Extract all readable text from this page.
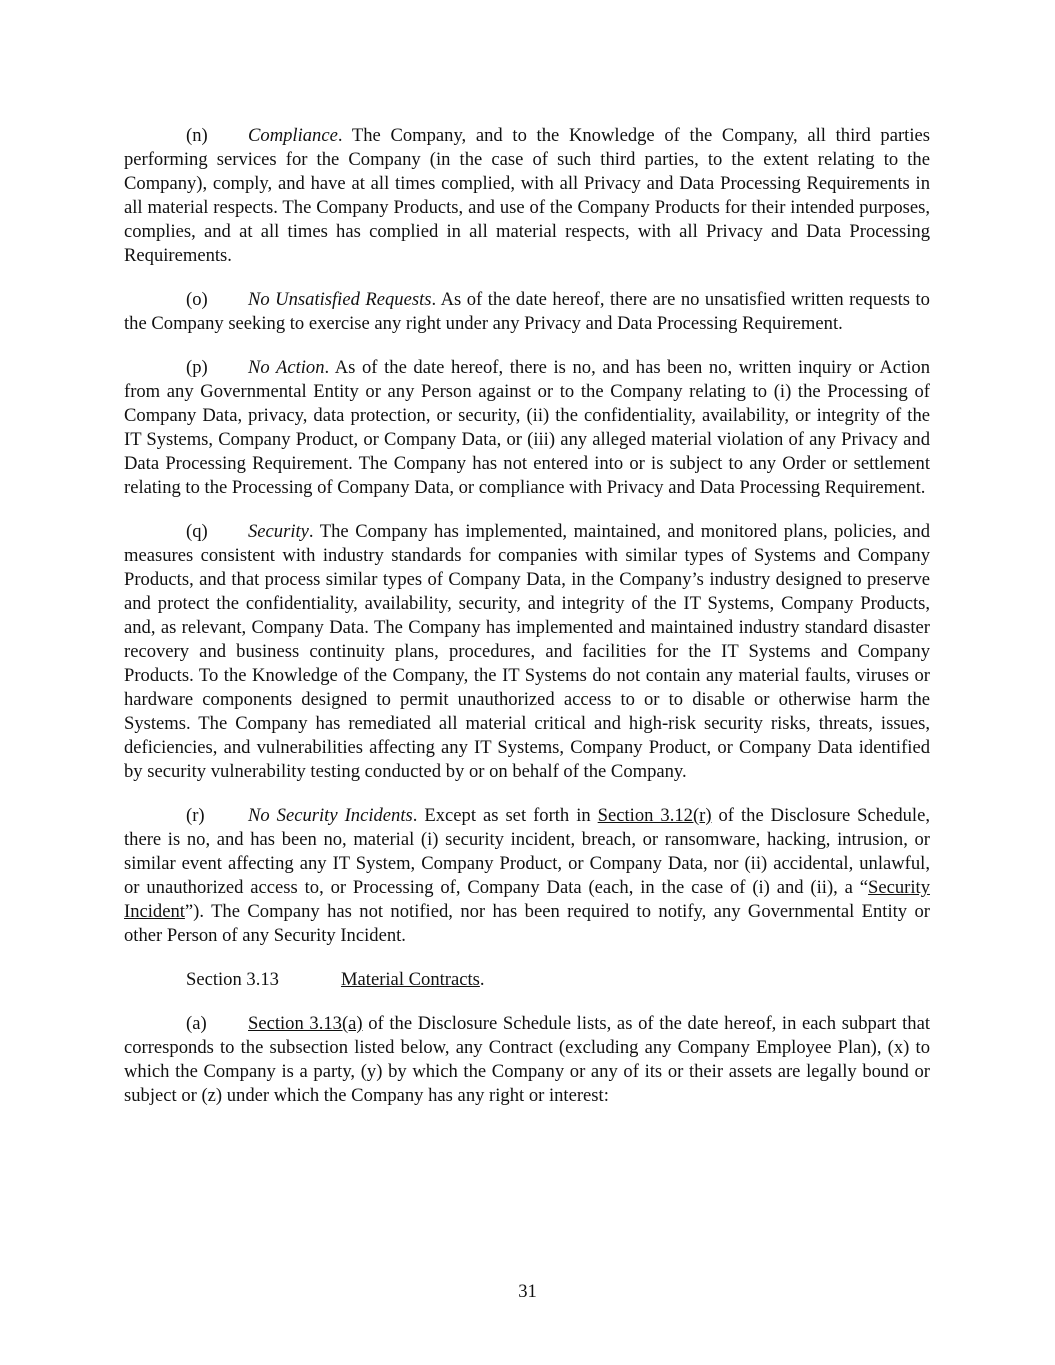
(n) Compliance. The Company, and to the Knowledge of the Company, all third parties performing services for the Company (in the case of such third parties, to the extent relating to the Company), comply, and have at all times complied, with all Privacy and Data Processing Requirements in all material respects. The Company Products, and use of the Company Products for their intended purposes, complies, and at all times has complied in all material respects, with all Privacy and Data Processing Requirements.

(o) No Unsatisfied Requests. As of the date hereof, there are no unsatisfied written requests to the Company seeking to exercise any right under any Privacy and Data Processing Requirement.

(p) No Action. As of the date hereof, there is no, and has been no, written inquiry or Action from any Governmental Entity or any Person against or to the Company relating to (i) the Processing of Company Data, privacy, data protection, or security, (ii) the confidentiality, availability, or integrity of the IT Systems, Company Product, or Company Data, or (iii) any alleged material violation of any Privacy and Data Processing Requirement. The Company has not entered into or is subject to any Order or settlement relating to the Processing of Company Data, or compliance with Privacy and Data Processing Requirement.

(q) Security. The Company has implemented, maintained, and monitored plans, policies, and measures consistent with industry standards for companies with similar types of Systems and Company Products, and that process similar types of Company Data, in the Company’s industry designed to preserve and protect the confidentiality, availability, security, and integrity of the IT Systems, Company Products, and, as relevant, Company Data. The Company has implemented and maintained industry standard disaster recovery and business continuity plans, procedures, and facilities for the IT Systems and Company Products. To the Knowledge of the Company, the IT Systems do not contain any material faults, viruses or hardware components designed to permit unauthorized access to or to disable or otherwise harm the Systems. The Company has remediated all material critical and high-risk security risks, threats, issues, deficiencies, and vulnerabilities affecting any IT Systems, Company Product, or Company Data identified by security vulnerability testing conducted by or on behalf of the Company.

(r) No Security Incidents. Except as set forth in Section 3.12(r) of the Disclosure Schedule, there is no, and has been no, material (i) security incident, breach, or ransomware, hacking, intrusion, or similar event affecting any IT System, Company Product, or Company Data, nor (ii) accidental, unlawful, or unauthorized access to, or Processing of, Company Data (each, in the case of (i) and (ii), a “Security Incident”). The Company has not notified, nor has been required to notify, any Governmental Entity or other Person of any Security Incident.

Section 3.13	Material Contracts.

(a) Section 3.13(a) of the Disclosure Schedule lists, as of the date hereof, in each subpart that corresponds to the subsection listed below, any Contract (excluding any Company Employee Plan), (x) to which the Company is a party, (y) by which the Company or any of its or their assets are legally bound or subject or (z) under which the Company has any right or interest:

31
